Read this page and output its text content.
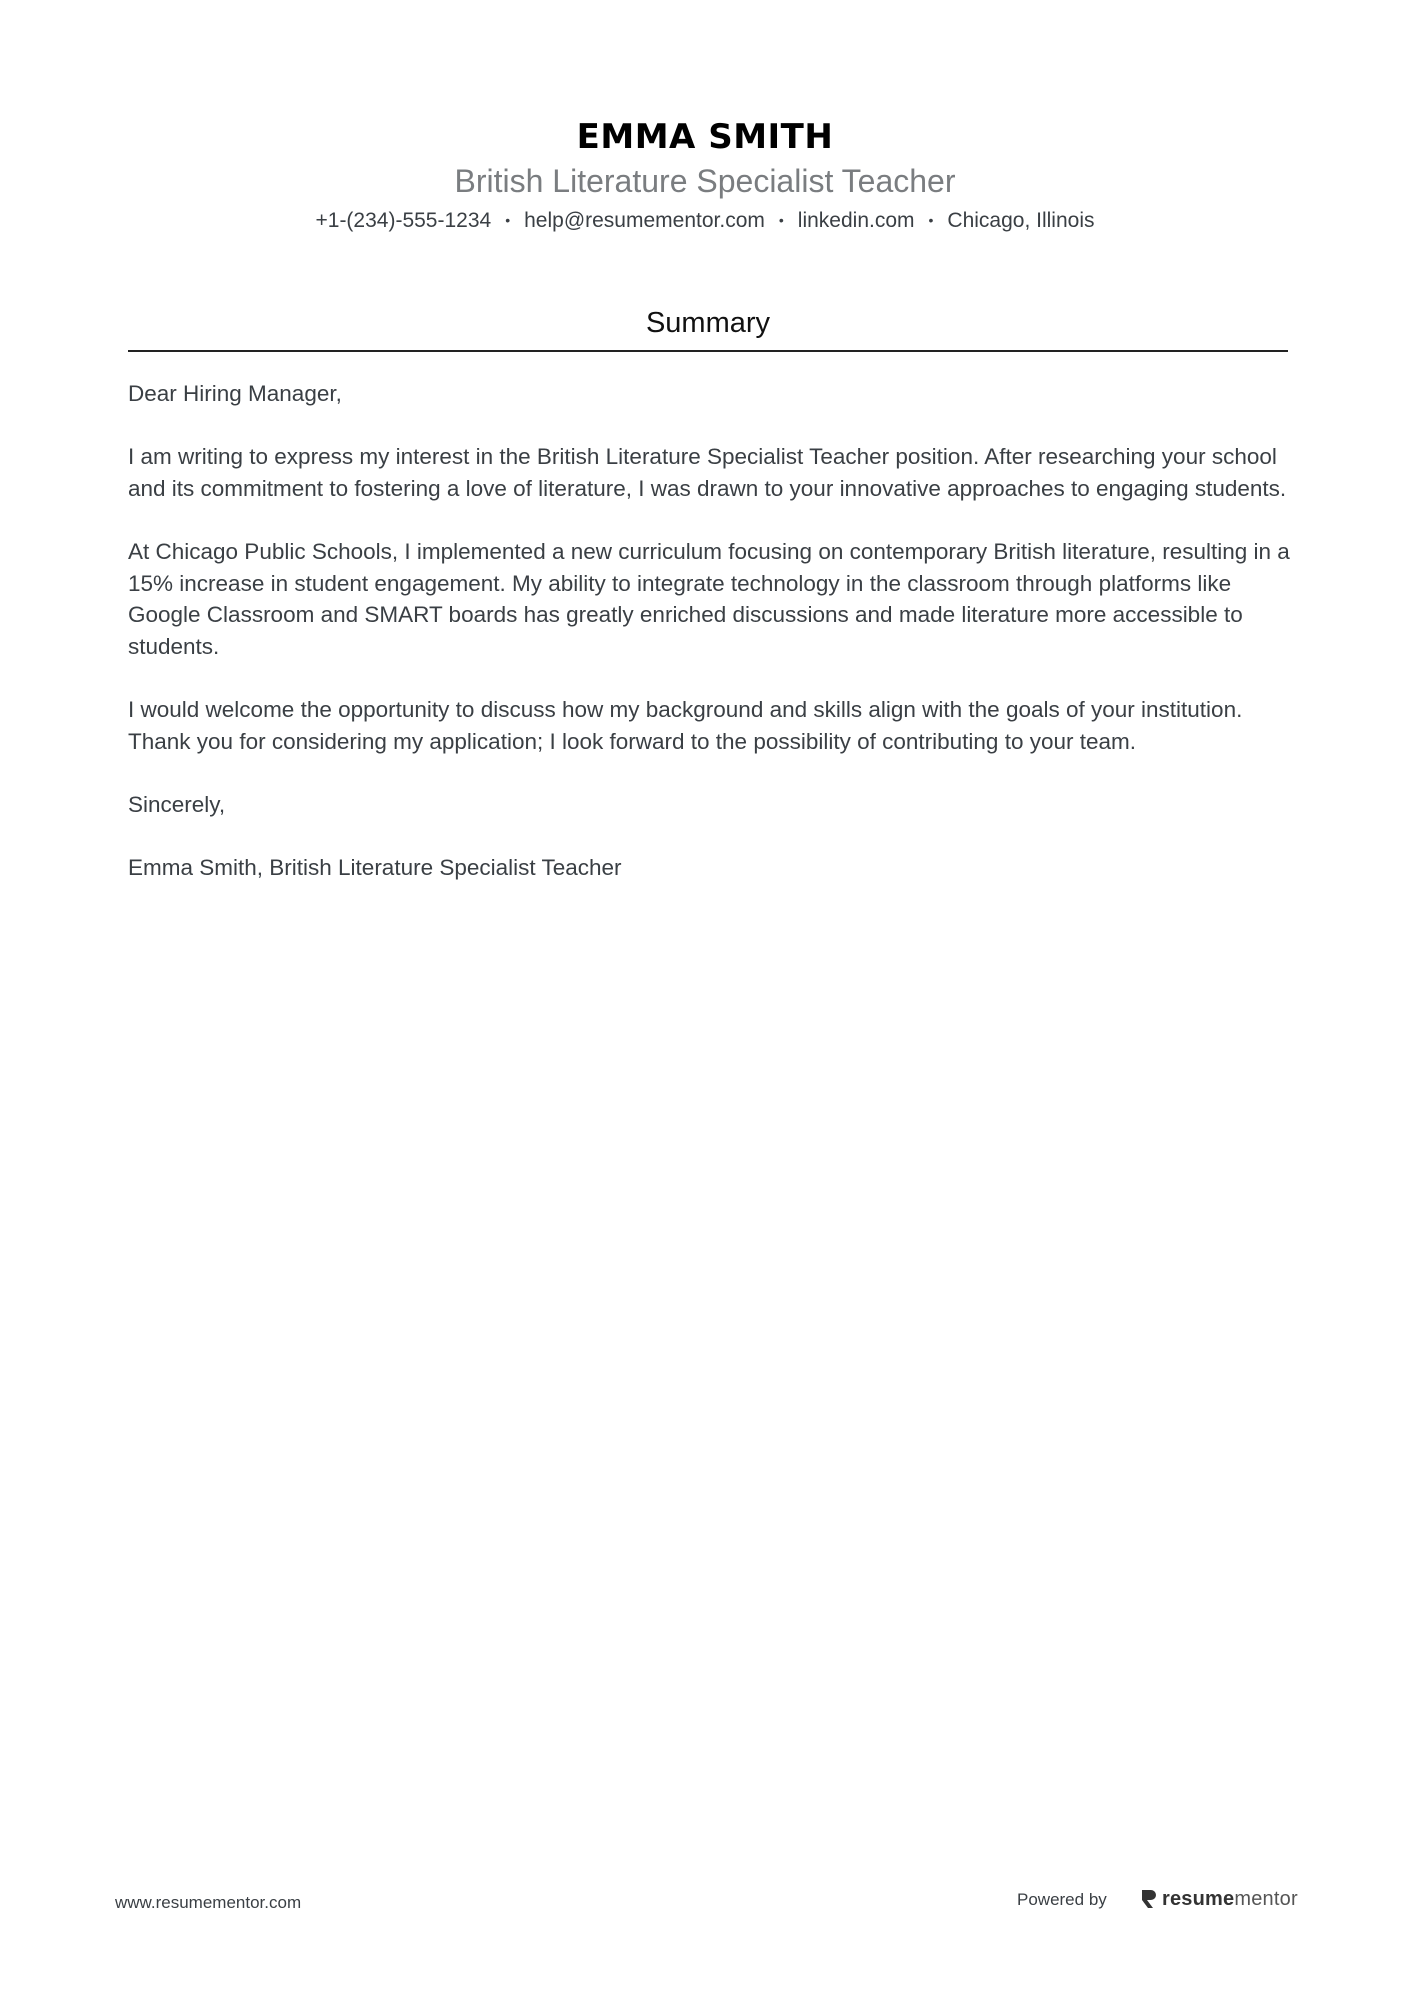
EMMA SMITH

British Literature Specialist Teacher

+1-(234)-555-1234 • help@resumementor.com • linkedin.com • Chicago, Illinois
Summary

Dear Hiring Manager,

I am writing to express my interest in the British Literature Specialist Teacher position. After researching your school and its commitment to fostering a love of literature, I was drawn to your innovative approaches to engaging students.

At Chicago Public Schools, I implemented a new curriculum focusing on contemporary British literature, resulting in a 15% increase in student engagement. My ability to integrate technology in the classroom through platforms like Google Classroom and SMART boards has greatly enriched discussions and made literature more accessible to students.

I would welcome the opportunity to discuss how my background and skills align with the goals of your institution. Thank you for considering my application; I look forward to the possibility of contributing to your team.

Sincerely,

Emma Smith, British Literature Specialist Teacher

www.resumementor.com	Powered by	resumementor
